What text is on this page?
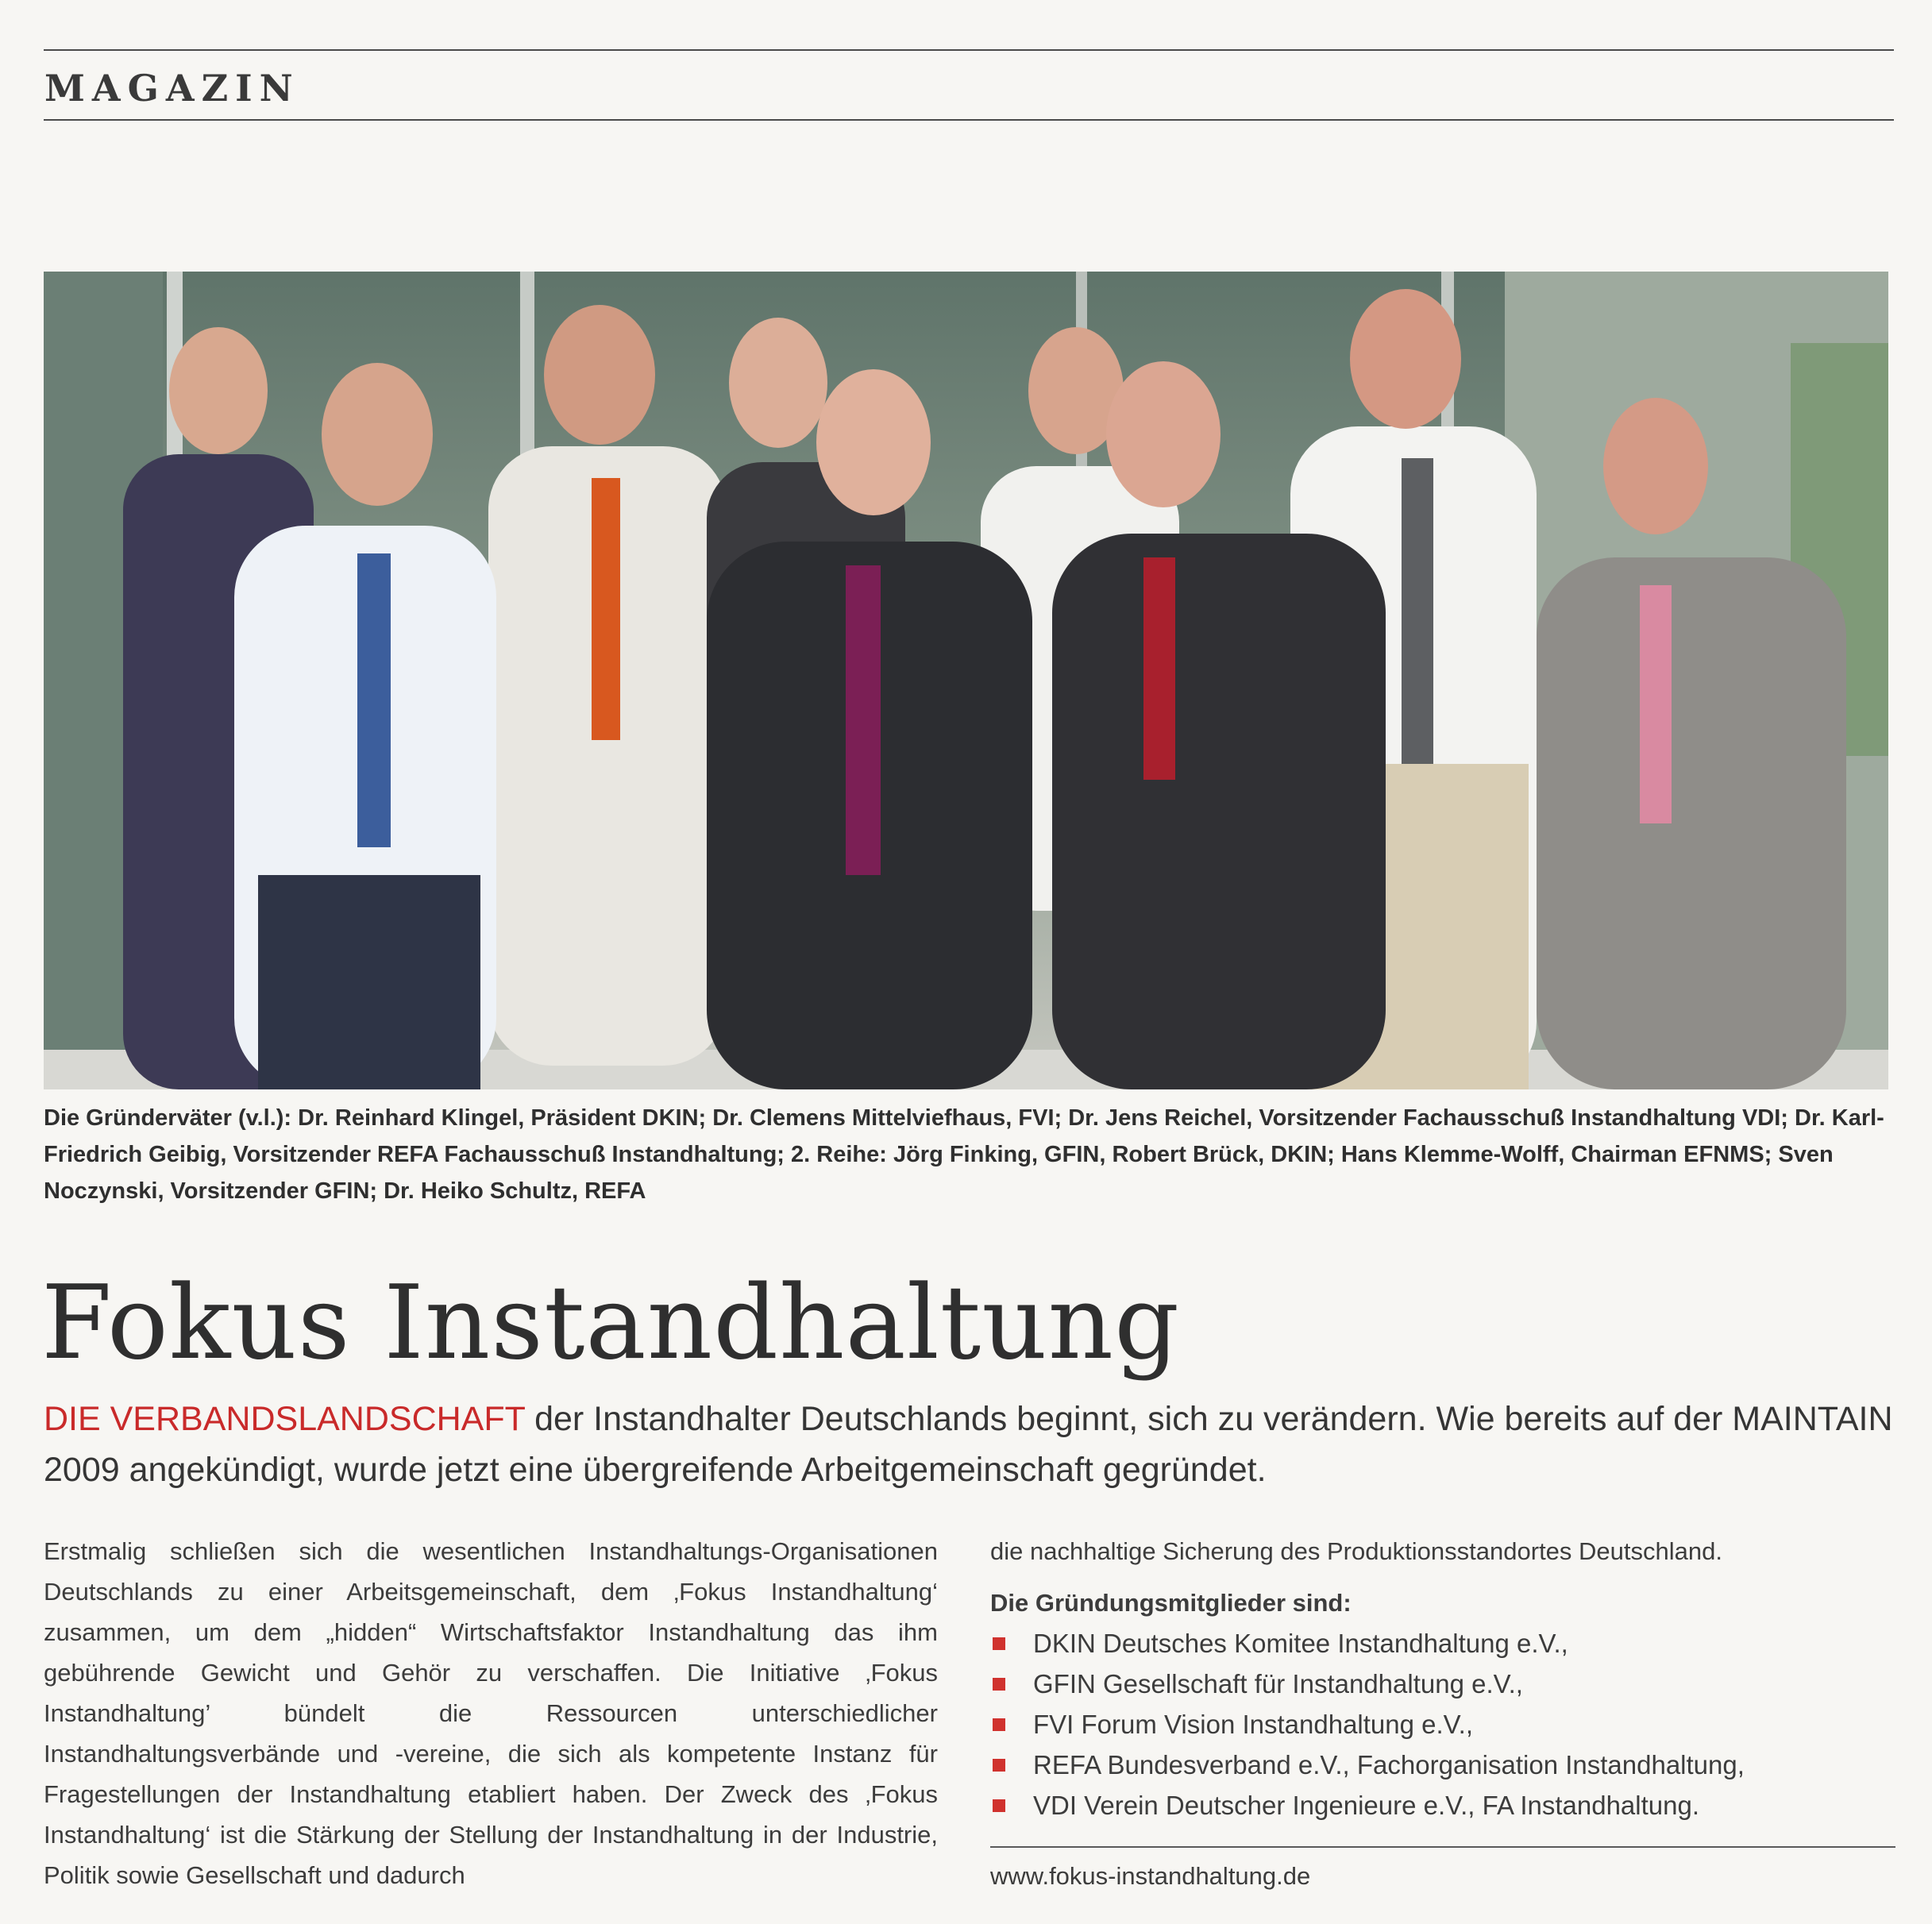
MAGAZIN

Die Gründerväter (v.l.): Dr. Reinhard Klingel, Präsident DKIN; Dr. Clemens Mittelviefhaus, FVI; Dr. Jens Reichel, Vorsitzender Fachausschuß Instandhaltung VDI; Dr. Karl-Friedrich Geibig, Vorsitzender REFA Fachausschuß Instandhaltung; 2. Reihe: Jörg Finking, GFIN, Robert Brück, DKIN; Hans Klemme-Wolff, Chairman EFNMS; Sven Noczynski, Vorsitzender GFIN; Dr. Heiko Schultz, REFA

Fokus Instandhaltung

DIE VERBANDSLANDSCHAFT der Instandhalter Deutschlands beginnt, sich zu verändern. Wie bereits auf der MAINTAIN 2009 angekündigt, wurde jetzt eine übergreifende Arbeitgemeinschaft gegründet.

Erstmalig schließen sich die wesentlichen Instandhaltungs-Organisationen Deutschlands zu einer Arbeitsgemeinschaft, dem ‚Fokus Instandhaltung‘ zusammen, um dem „hidden“ Wirtschaftsfaktor Instandhaltung das ihm gebührende Gewicht und Gehör zu verschaffen. Die Initiative ‚Fokus Instandhaltung’ bündelt die Ressourcen unterschiedlicher Instandhaltungsverbände und -vereine, die sich als kompetente Instanz für Fragestellungen der Instandhaltung etabliert haben. Der Zweck des ‚Fokus Instandhaltung‘ ist die Stärkung der Stellung der Instandhaltung in der Industrie, Politik sowie Gesellschaft und dadurch

die nachhaltige Sicherung des Produktionsstandortes Deutschland.

Die Gründungsmitglieder sind:

DKIN Deutsches Komitee Instandhaltung e.V.,
GFIN Gesellschaft für Instandhaltung e.V.,
FVI Forum Vision Instandhaltung e.V.,
REFA Bundesverband e.V., Fachorganisation Instandhaltung,
VDI Verein Deutscher Ingenieure e.V., FA Instandhaltung.

www.fokus-instandhaltung.de
